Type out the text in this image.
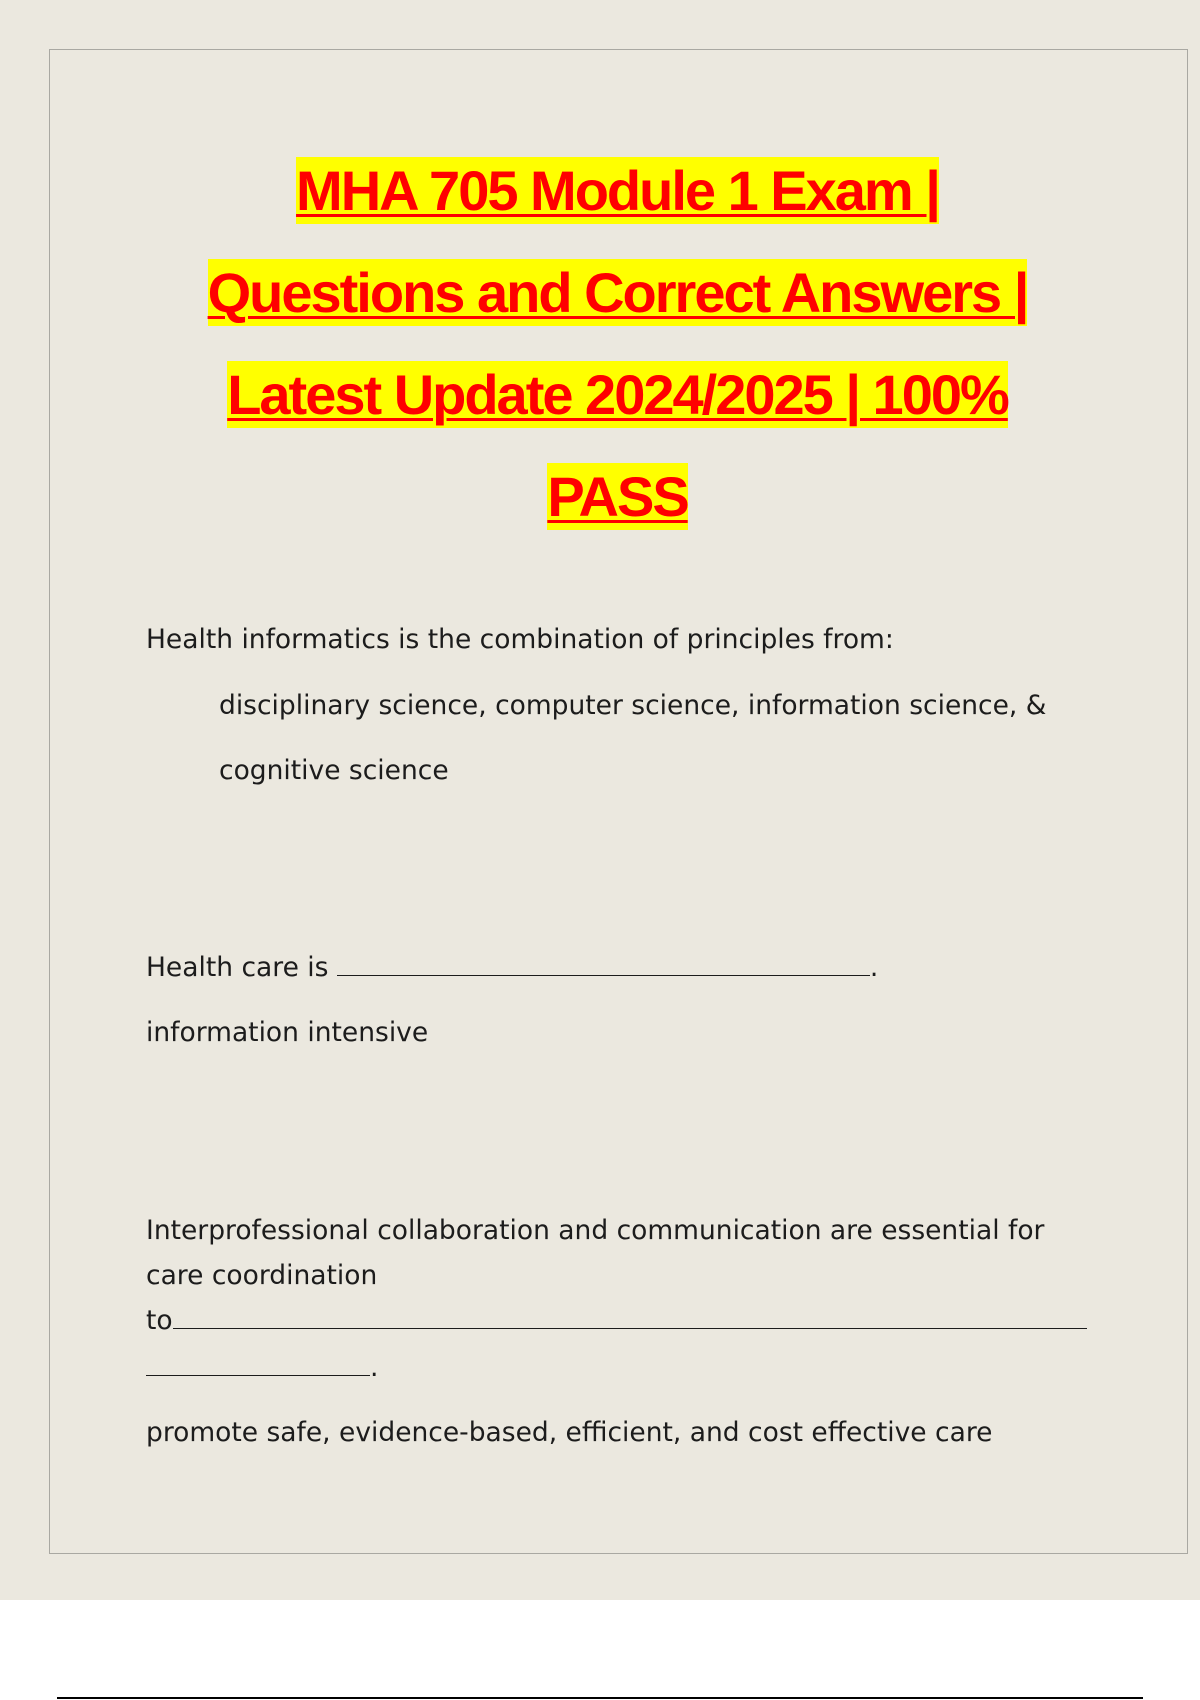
MHA 705 Module 1 Exam |
Questions and Correct Answers |
Latest Update 2024/2025 | 100%
PASS
Health informatics is the combination of principles from:
disciplinary science, computer science, information science, &
cognitive science
Health care is	.
information intensive
Interprofessional collaboration and communication are essential for
care coordination
to
.
promote safe, evidence-based, efficient, and cost effective care
